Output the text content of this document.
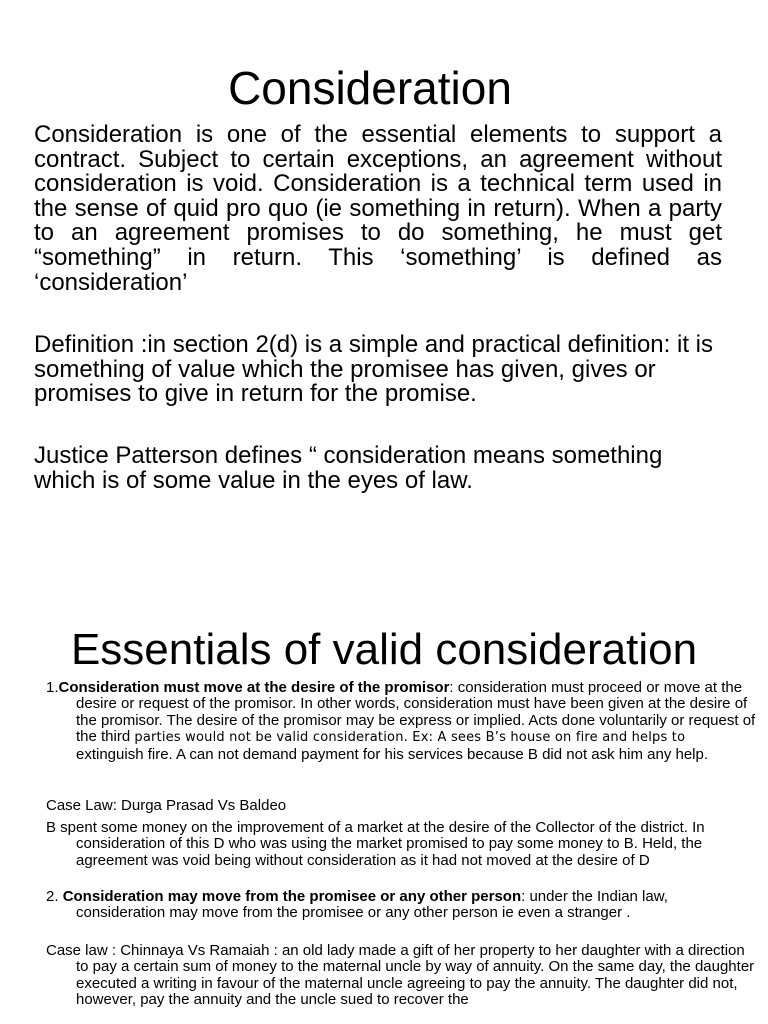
Consideration

Consideration is one of the essential elements to support a contract. Subject to certain exceptions, an agreement without consideration is void. Consideration is a technical term used in the sense of quid pro quo (ie something in return). When a party to an agreement promises to do something, he must get “something” in return. This ‘something’ is defined as ‘consideration’

Definition :in section 2(d) is a simple and practical definition: it is something of value which the promisee has given, gives or promises to give in return for the promise.

Justice Patterson defines “ consideration means something which is of some value in the eyes of law.

Essentials of valid consideration

1.Consideration must move at the desire of the promisor: consideration must proceed or move at the desire or request of the promisor. In other words, consideration must have been given at the desire of the promisor. The desire of the promisor may be express or implied. Acts done voluntarily or request of the third parties would not be valid consideration. Ex: A sees B’s house on fire and helps to extinguish fire. A can not demand payment for his services because B did not ask him any help.

Case Law: Durga Prasad Vs Baldeo

B spent some money on the improvement of a market at the desire of the Collector of the district. In consideration of this D who was using the market promised to pay some money to B. Held, the agreement was void being without consideration as it had not moved at the desire of D

2. Consideration may move from the promisee or any other person: under the Indian law, consideration may move from the promisee or any other person ie even a stranger .

Case law : Chinnaya Vs Ramaiah : an old lady made a gift of her property to her daughter with a direction to pay a certain sum of money to the maternal uncle by way of annuity. On the same day, the daughter executed a writing in favour of the maternal uncle agreeing to pay the annuity. The daughter did not, however, pay the annuity and the uncle sued to recover the
